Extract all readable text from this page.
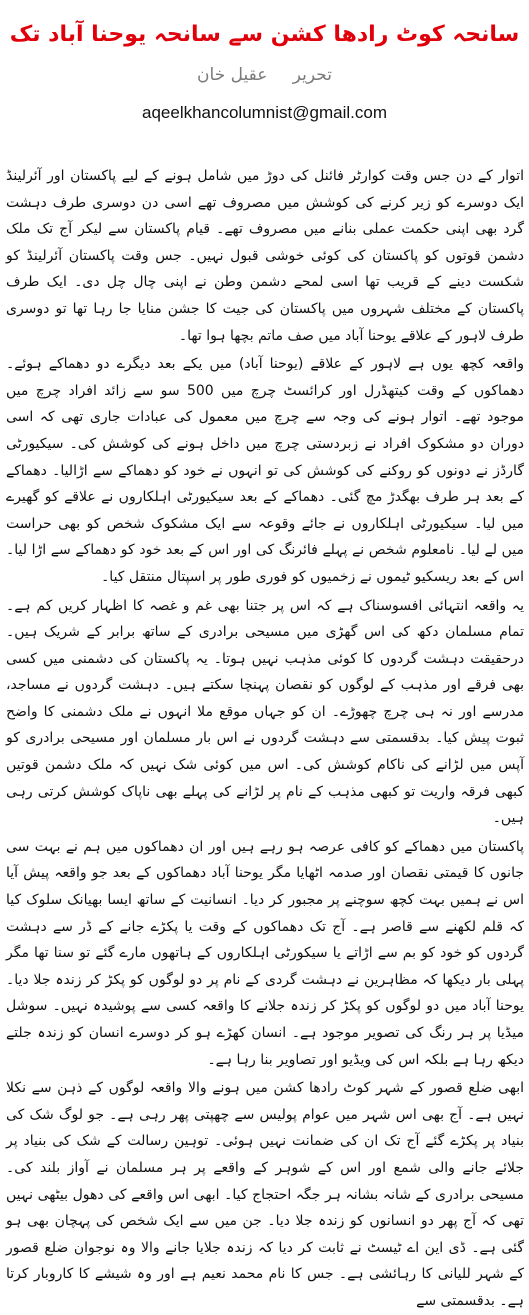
سانحہ کوٹ رادھا کشن سے سانحہ یوحنا آباد تک
تحریر عقیل خان
aqeelkhancolumnist@gmail.com

اتوار کے دن جس وقت کوارٹر فائنل کی دوڑ میں شامل ہونے کے لیے پاکستان اور آئرلینڈ ایک دوسرے کو زیر کرنے کی کوشش میں مصروف تھے اسی دن دوسری طرف دہشت گرد بھی اپنی حکمت عملی بنانے میں مصروف تھے۔ قیام پاکستان سے لیکر آج تک ملک دشمن قوتوں کو پاکستان کی کوئی خوشی قبول نہیں۔ جس وقت پاکستان آئرلینڈ کو شکست دینے کے قریب تھا اسی لمحے دشمن وطن نے اپنی چال چل دی۔ ایک طرف پاکستان کے مختلف شہروں میں پاکستان کی جیت کا جشن منایا جا رہا تھا تو دوسری طرف لاہور کے علاقے یوحنا آباد میں صف ماتم بچھا ہوا تھا۔

واقعہ کچھ یوں ہے لاہور کے علاقے (یوحنا آباد) میں یکے بعد دیگرے دو دھماکے ہوئے۔ دھماکوں کے وقت کیتھڈرل اور کرائسٹ چرچ میں 500 سو سے زائد افراد چرچ میں موجود تھے۔ اتوار ہونے کی وجہ سے چرچ میں معمول کی عبادات جاری تھی کہ اسی دوران دو مشکوک افراد نے زبردستی چرچ میں داخل ہونے کی کوشش کی۔ سیکیورٹی گارڈز نے دونوں کو روکنے کی کوشش کی تو انہوں نے خود کو دھماکے سے اڑالیا۔ دھماکے کے بعد ہر طرف بھگدڑ مچ گئی۔ دھماکے کے بعد سیکیورٹی اہلکاروں نے علاقے کو گھیرے میں لیا۔ سیکیورٹی اہلکاروں نے جائے وقوعہ سے ایک مشکوک شخص کو بھی حراست میں لے لیا۔ نامعلوم شخص نے پہلے فائرنگ کی اور اس کے بعد خود کو دھماکے سے اڑا لیا۔ اس کے بعد ریسکیو ٹیموں نے زخمیوں کو فوری طور پر اسپتال منتقل کیا۔

یہ واقعہ انتہائی افسوسناک ہے کہ اس پر جتنا بھی غم و غصہ کا اظہار کریں کم ہے۔ تمام مسلمان دکھ کی اس گھڑی میں مسیحی برادری کے ساتھ برابر کے شریک ہیں۔ درحقیقت دہشت گردوں کا کوئی مذہب نہیں ہوتا۔ یہ پاکستان کی دشمنی میں کسی بھی فرقے اور مذہب کے لوگوں کو نقصان پہنچا سکتے ہیں۔ دہشت گردوں نے مساجد، مدرسے اور نہ ہی چرچ چھوڑے۔ ان کو جہاں موقع ملا انہوں نے ملک دشمنی کا واضح ثبوت پیش کیا۔ بدقسمتی سے دہشت گردوں نے اس بار مسلمان اور مسیحی برادری کو آپس میں لڑانے کی ناکام کوشش کی۔ اس میں کوئی شک نہیں کہ ملک دشمن قوتیں کبھی فرقہ واریت تو کبھی مذہب کے نام پر لڑانے کی پہلے بھی ناپاک کوشش کرتی رہی ہیں۔

پاکستان میں دھماکے کو کافی عرصہ ہو رہے ہیں اور ان دھماکوں میں ہم نے بہت سی جانوں کا قیمتی نقصان اور صدمہ اٹھایا مگر یوحنا آباد دھماکوں کے بعد جو واقعہ پیش آیا اس نے ہمیں بہت کچھ سوچنے پر مجبور کر دیا۔ انسانیت کے ساتھ ایسا بھیانک سلوک کیا کہ قلم لکھنے سے قاصر ہے۔ آج تک دھماکوں کے وقت یا پکڑے جانے کے ڈر سے دہشت گردوں کو خود کو بم سے اڑاتے یا سیکورٹی اہلکاروں کے ہاتھوں مارے گئے تو سنا تھا مگر پہلی بار دیکھا کہ مظاہرین نے دہشت گردی کے نام پر دو لوگوں کو پکڑ کر زندہ جلا دیا۔ یوحنا آباد میں دو لوگوں کو پکڑ کر زندہ جلانے کا واقعہ کسی سے پوشیدہ نہیں۔ سوشل میڈیا پر ہر رنگ کی تصویر موجود ہے۔ انسان کھڑے ہو کر دوسرے انسان کو زندہ جلتے دیکھ رہا ہے بلکہ اس کی ویڈیو اور تصاویر بنا رہا ہے۔

ابھی ضلع قصور کے شہر کوٹ رادھا کشن میں ہونے والا واقعہ لوگوں کے ذہن سے نکلا نہیں ہے۔ آج بھی اس شہر میں عوام پولیس سے چھپتی پھر رہی ہے۔ جو لوگ شک کی بنیاد پر پکڑے گئے آج تک ان کی ضمانت نہیں ہوئی۔ توہین رسالت کے شک کی بنیاد پر جلائے جانے والی شمع اور اس کے شوہر کے واقعے پر ہر مسلمان نے آواز بلند کی۔ مسیحی برادری کے شانہ بشانہ ہر جگہ احتجاج کیا۔ ابھی اس واقعے کی دھول بیٹھی نہیں تھی کہ آج پھر دو انسانوں کو زندہ جلا دیا۔ جن میں سے ایک شخص کی پہچان بھی ہو گئی ہے۔ ڈی این اے ٹیسٹ نے ثابت کر دیا کہ زندہ جلایا جانے والا وہ نوجوان ضلع قصور کے شہر للیانی کا رہائشی ہے۔ جس کا نام محمد نعیم ہے اور وہ شیشے کا کاروبار کرتا ہے۔ بدقسمتی سے
